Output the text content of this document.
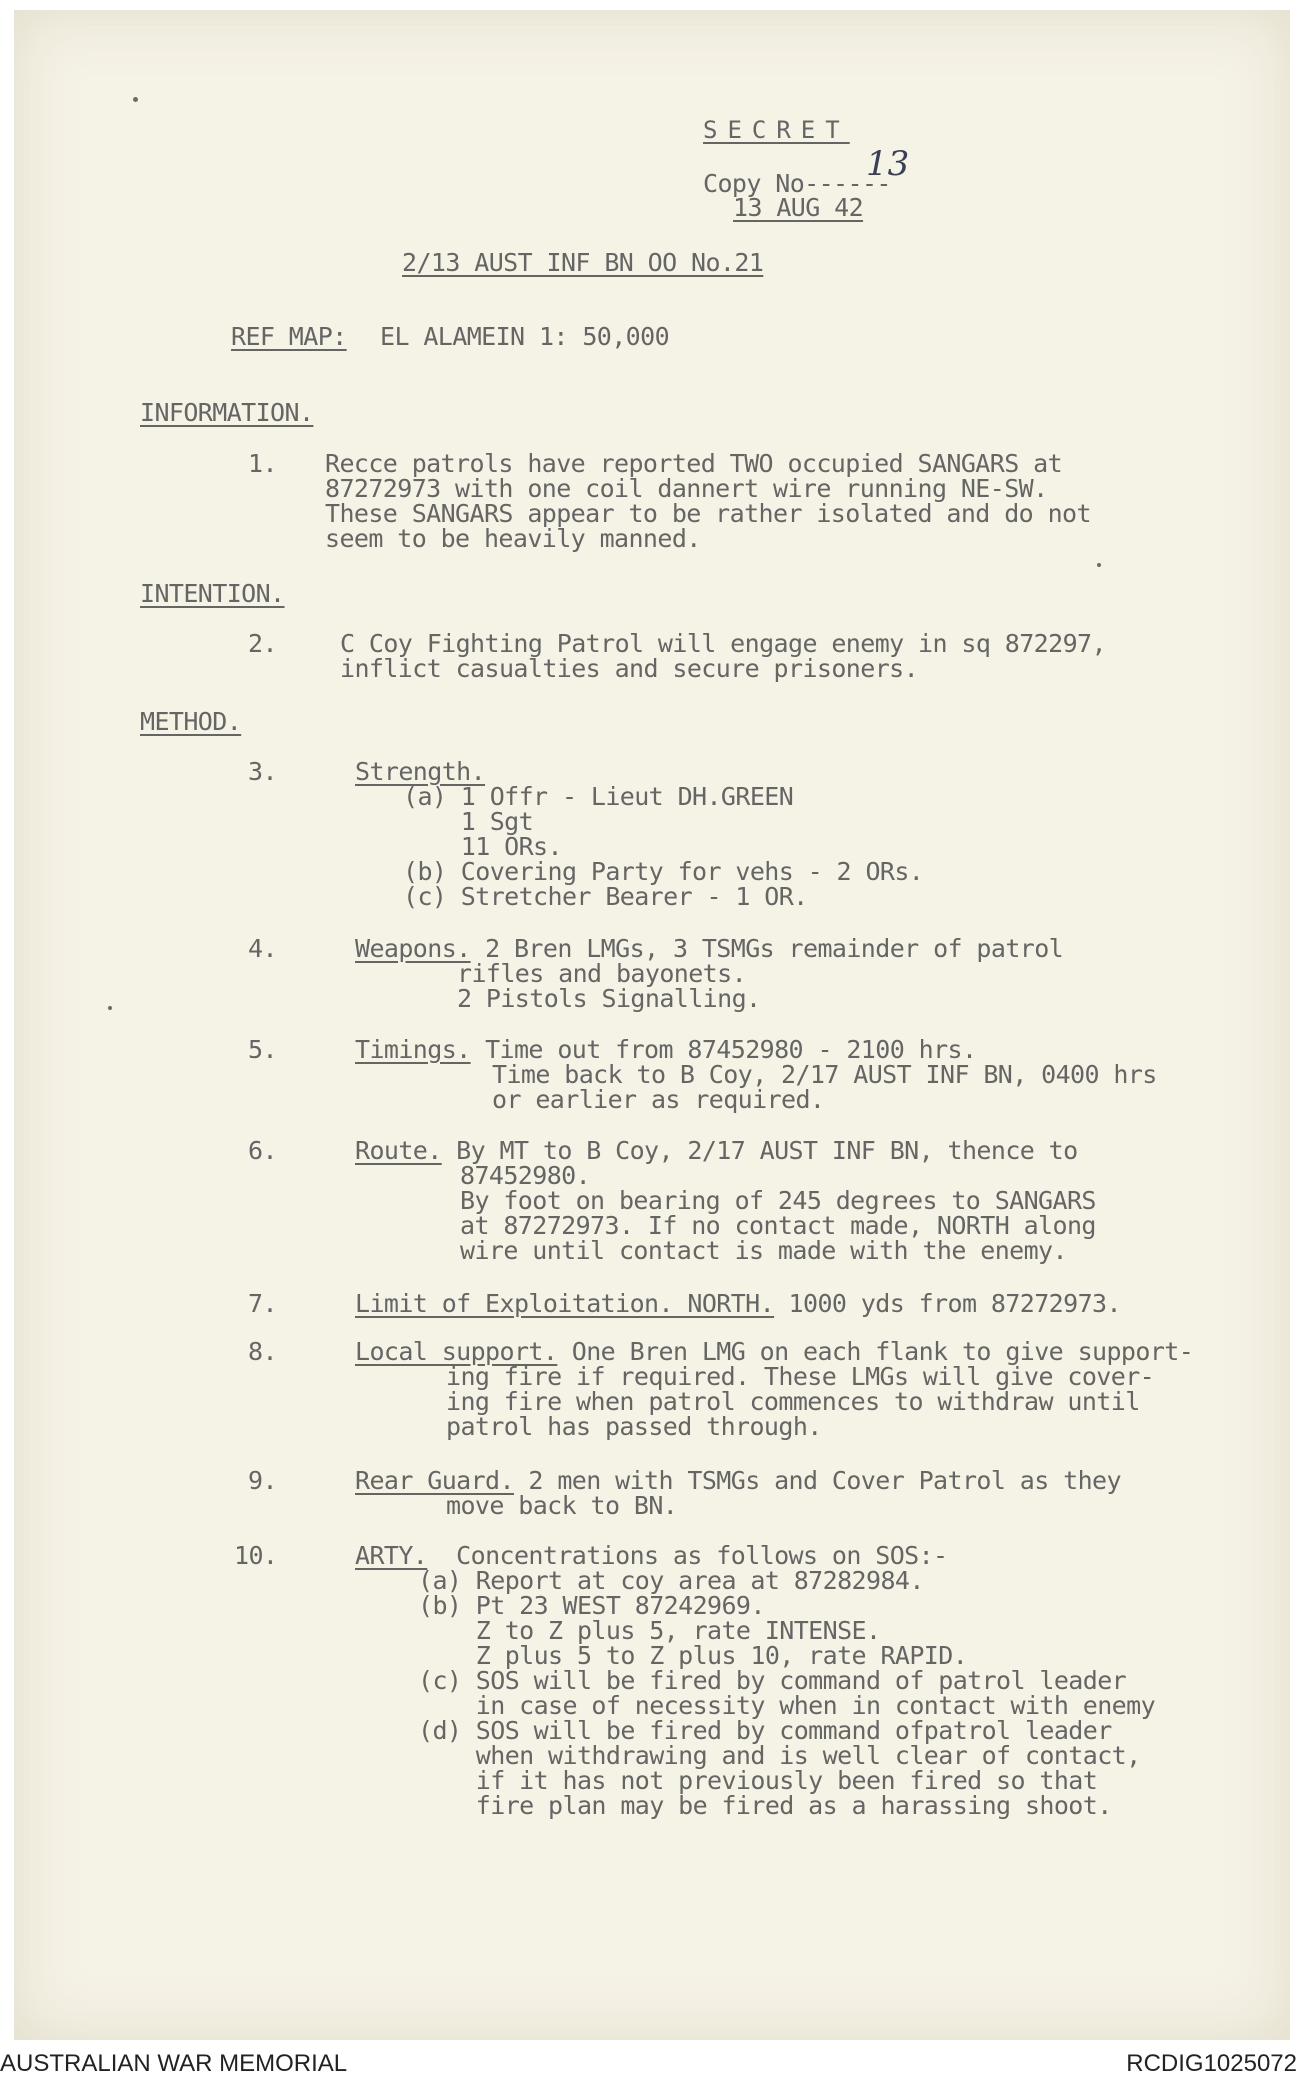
SECRET
Copy No------
13
13 AUG 42
2/13 AUST INF BN OO No.21
REF MAP: EL ALAMEIN 1: 50,000
INFORMATION.
1. Recce patrols have reported TWO occupied SANGARS at
87272973 with one coil dannert wire running NE-SW.
These SANGARS appear to be rather isolated and do not
seem to be heavily manned.
INTENTION.
2.	C Coy Fighting Patrol will engage enemy in sq 872297,
inflict casualties and secure prisoners.
METHOD.
3.	Strength.
(a) 1 Offr - Lieut DH.GREEN
1 Sgt
11 ORs.
(b) Covering Party for vehs - 2 ORs.
(c) Stretcher Bearer - 1 OR.
4.	Weapons. 2 Bren LMGs, 3 TSMGs remainder of patrol
rifles and bayonets.
2 Pistols Signalling.
5.	Timings. Time out from 87452980 - 2100 hrs.
Time back to B Coy, 2/17 AUST INF BN, 0400 hrs
or earlier as required.
6.	Route. By MT to B Coy, 2/17 AUST INF BN, thence to
87452980.
By foot on bearing of 245 degrees to SANGARS
at 87272973. If no contact made, NORTH along
wire until contact is made with the enemy.
7.	Limit of Exploitation. NORTH. 1000 yds from 87272973.
8.	Local support. One Bren LMG on each flank to give support-
ing fire if required. These LMGs will give cover-
ing fire when patrol commences to withdraw until
patrol has passed through.
9.	Rear Guard. 2 men with TSMGs and Cover Patrol as they
move back to BN.
10.	ARTY.  Concentrations as follows on SOS:-
(a) Report at coy area at 87282984.
(b) Pt 23 WEST 87242969.
Z to Z plus 5, rate INTENSE.
Z plus 5 to Z plus 10, rate RAPID.
(c) SOS will be fired by command of patrol leader
in case of necessity when in contact with enemy
(d) SOS will be fired by command ofpatrol leader
when withdrawing and is well clear of contact,
if it has not previously been fired so that
fire plan may be fired as a harassing shoot.
AUSTRALIAN WAR MEMORIAL	RCDIG1025072
